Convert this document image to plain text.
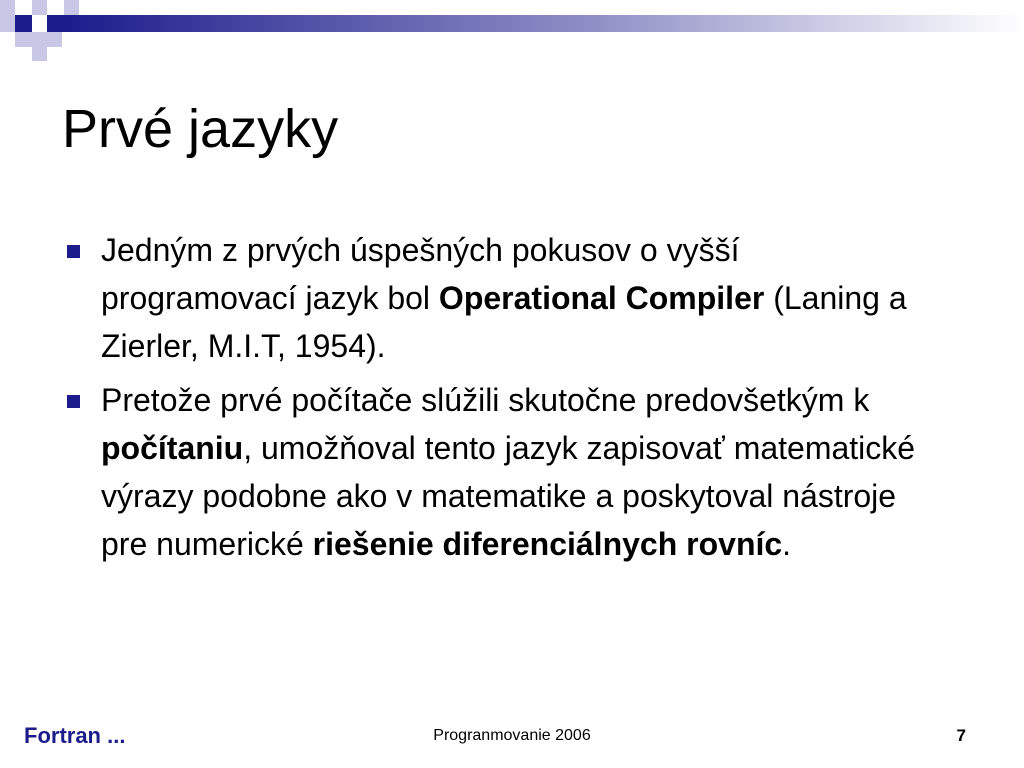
Prvé jazyky
Jedným z prvých úspešných pokusov o vyšší programovací jazyk bol Operational Compiler (Laning a Zierler, M.I.T, 1954).
Pretože prvé počítače slúžili skutočne predovšetkým k počítaniu, umožňoval tento jazyk zapisovať matematické výrazy podobne ako v matematike a poskytoval nástroje pre numerické riešenie diferenciálnych rovníc.
Fortran ...	Progranmovanie 2006	7
